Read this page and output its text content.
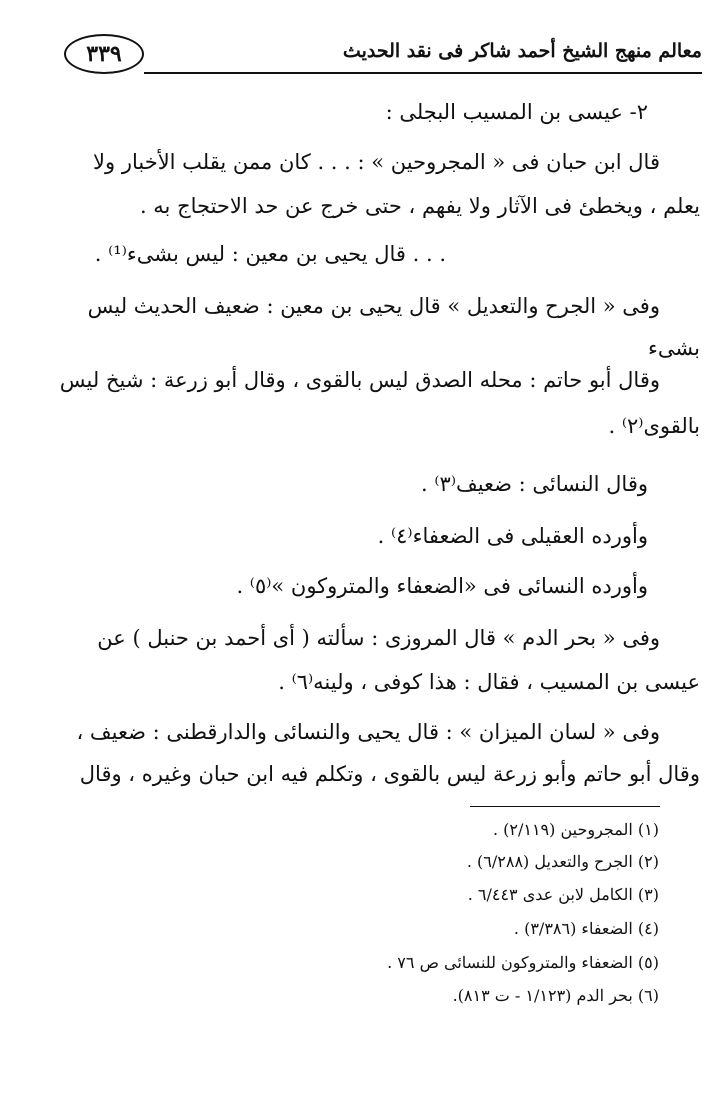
٣٣٩	معالم منهج الشيخ أحمد شاكر فى نقد الحديث
٢- عيسى بن المسيب البجلى :
قال ابن حبان فى « المجروحين » : . . . كان ممن يقلب الأخبار ولا
يعلم ، ويخطئ فى الآثار ولا يفهم ، حتى خرج عن حد الاحتجاج به .
. . . قال يحيى بن معين : ليس بشىء⁽¹⁾ .
وفى « الجرح والتعديل » قال يحيى بن معين : ضعيف الحديث ليس
بشىء
وقال أبو حاتم : محله الصدق ليس بالقوى ، وقال أبو زرعة : شيخ ليس
بالقوى⁽٢⁾ .
وقال النسائى : ضعيف⁽٣⁾ .
وأورده العقيلى فى الضعفاء⁽٤⁾ .
وأورده النسائى فى «الضعفاء والمتروكون »⁽٥⁾ .
وفى « بحر الدم » قال المروزى : سألته ( أى أحمد بن حنبل ) عن
عيسى بن المسيب ، فقال : هذا كوفى ، ولينه⁽٦⁾ .
وفى « لسان الميزان » : قال يحيى والنسائى والدارقطنى : ضعيف ،
وقال أبو حاتم وأبو زرعة ليس بالقوى ، وتكلم فيه ابن حبان وغيره ، وقال
(١) المجروحين (٢/١١٩) .
(٢) الجرح والتعديل (٦/٢٨٨) .
(٣) الكامل لابن عدى ٦/٤٤٣ .
(٤) الضعفاء (٣/٣٨٦) .
(٥) الضعفاء والمتروكون للنسائى ص ٧٦ .
(٦) بحر الدم (١/١٢٣ - ت ٨١٣).
